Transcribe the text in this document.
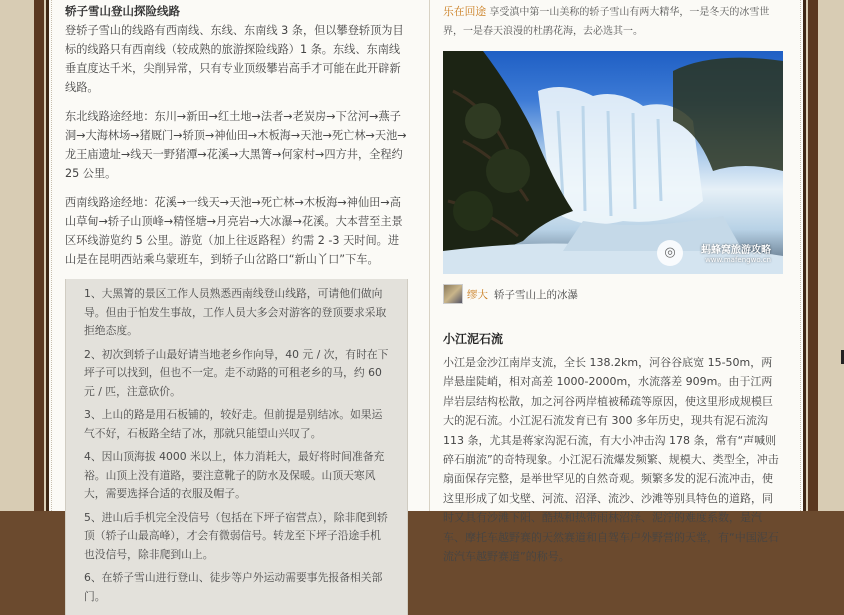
轿子雪山登山探险线路

登轿子雪山的线路有西南线、东线、东南线 3 条，但以攀登轿顶为目标的线路只有西南线（较成熟的旅游探险线路）1 条。东线、东南线垂直度达千米，尖削异常，只有专业顶级攀岩高手才可能在此开辟新线路。

东北线路途经地：东川→新田→红土地→法者→老炭房→下岔河→燕子洞→大海林场→猪厩门→轿顶→神仙田→木板海→天池→死亡林→天池→龙王庙遗址→线天一野猪潭→花溪→大黑箐→何家村→四方井，全程约 25 公里。

西南线路途经地：花溪→一线天→天池→死亡林→木板海→神仙田→高山草甸→轿子山顶峰→精怪塘→月亮岩→大冰瀑→花溪。大本营至主景区环线游览约 5 公里。游览（加上往返路程）约需 2 -3 天时间。进山是在昆明西站乘乌蒙班车，到轿子山岔路口“新山丫口”下车。

1、大黑箐的景区工作人员熟悉西南线登山线路，可请他们做向导。但由于怕发生事故，工作人员大多会对游客的登顶要求采取拒绝态度。

2、初次到轿子山最好请当地老乡作向导，40 元 / 次，有时在下坪子可以找到，但也不一定。走不动路的可租老乡的马，约 60 元 / 匹，注意砍价。

3、上山的路是用石板铺的，较好走。但前提是别结冰。如果运气不好，石板路全结了冰，那就只能望山兴叹了。

4、因山顶海拔 4000 米以上，体力消耗大，最好将时间准备充裕。山顶上没有道路，要注意靴子的防水及保暖。山顶天寒风大，需要选择合适的衣服及帽子。

5、进山后手机完全没信号（包括在下坪子宿营点），除非爬到轿顶（轿子山最高峰），才会有微弱信号。转龙至下坪子沿途手机也没信号，除非爬到山上。

6、在轿子雪山进行登山、徒步等户外运动需要事先报备相关部门。

乐在回途 享受滇中第一山美称的轿子雪山有两大精华，一是冬天的冰雪世界，一是春天浪漫的杜鹃花海，去必选其一。
◎	蚂蜂窝旅游攻略
www.mafengwo.cn
缪大 轿子雪山上的冰瀑
小江泥石流

小江是金沙江南岸支流，全长 138.2km，河谷谷底宽 15-50m，两岸悬崖陡峭，相对高差 1000-2000m，水流落差 909m。由于江两岸岩层结构松散，加之河谷两岸植被稀疏等原因，使这里形成规模巨大的泥石流。小江泥石流发育已有 300 多年历史，现共有泥石流沟 113 条，尤其是蒋家沟泥石流，有大小冲击沟 178 条，常有“声喊则碎石崩流”的奇特现象。小江泥石流爆发频繁、规模大、类型全，冲击扇面保存完整，是举世罕见的自然奇观。频繁多发的泥石流冲击，使这里形成了如戈壁、河流、沼泽、流沙、沙滩等别具特色的道路，同时又具有沙滩下阳、酷热和热带雨林沼泽、泥泞的难度系数，是汽车、摩托车越野赛的天然赛道和自驾车户外野营的天堂，有“中国泥石流汽车越野赛道”的称号。
